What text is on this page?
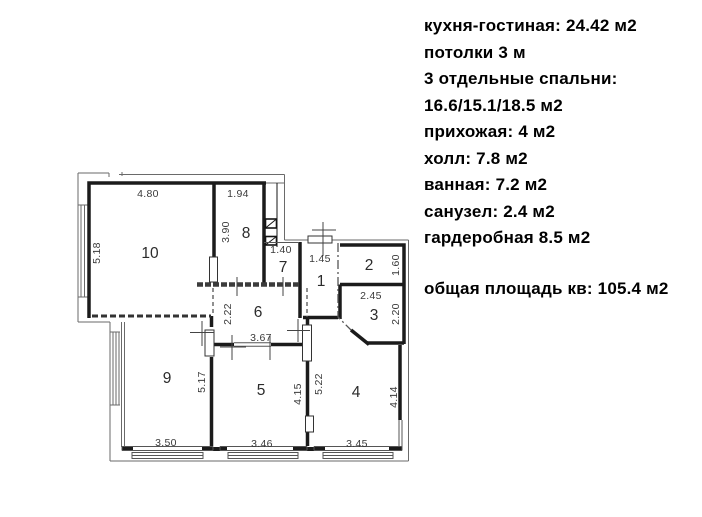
10
8
7
1
2
3
6
9
5	4
4.80	1.94
1.40
1.45
2.45
3.67
3.50	3.46	3.45
5.18
3.90
1.60
2.20
2.22
5.17
4.15 5.22
4.14
кухня-гостиная: 24.42 м2
потолки 3 м
3 отдельные спальни:
16.6/15.1/18.5 м2
прихожая: 4 м2
холл: 7.8 м2
ванная: 7.2 м2
санузел: 2.4 м2
гардеробная 8.5 м2
общая площадь кв: 105.4 м2
